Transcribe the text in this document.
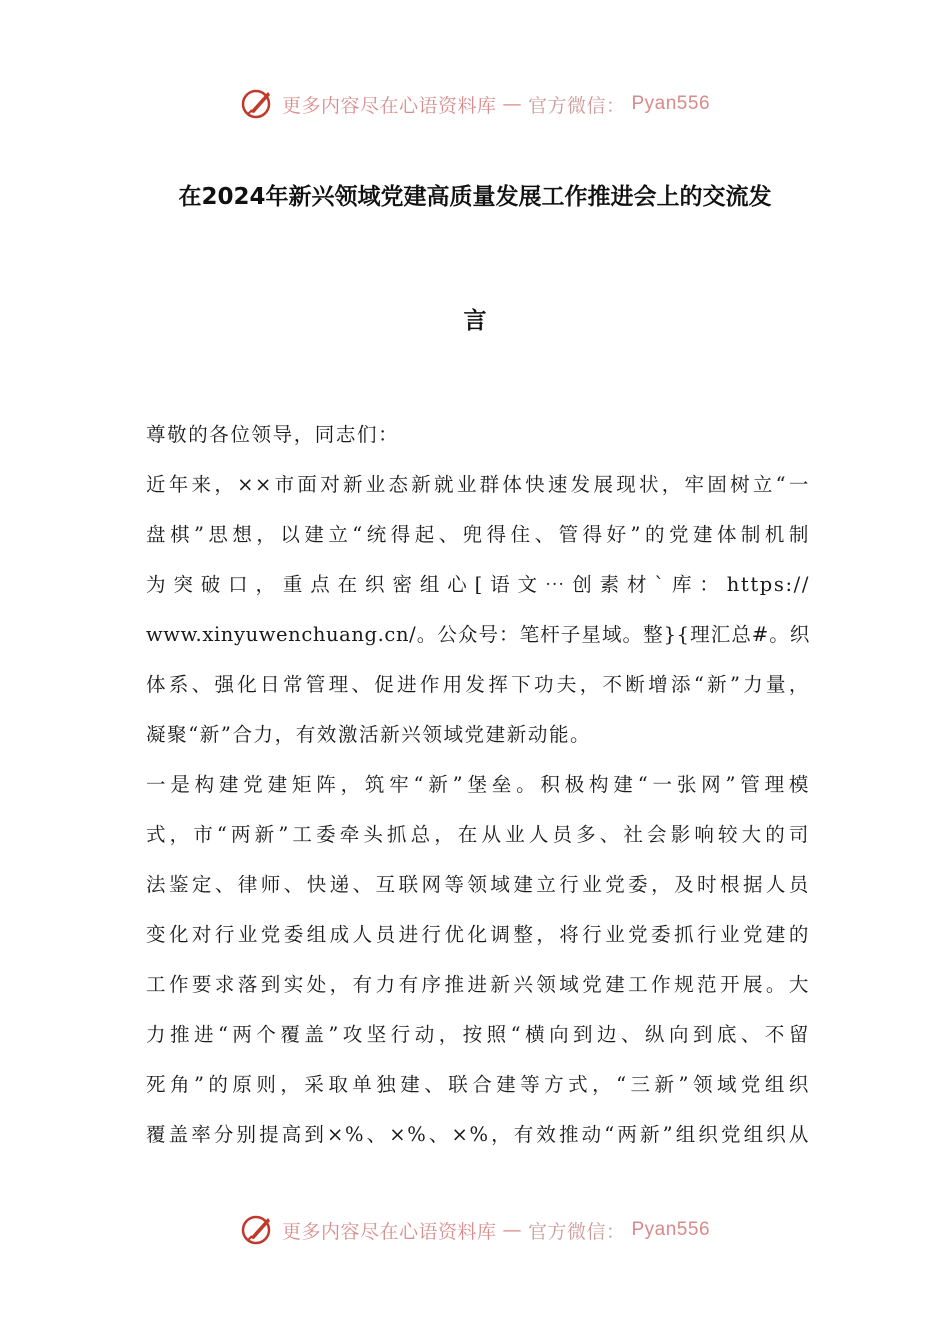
更多内容尽在心语资料库 — 官方微信： Pyan556
在2024年新兴领域党建高质量发展工作推进会上的交流发
言
尊敬的各位领导，同志们：
近年来，××市面对新业态新就业群体快速发展现状，牢固树立“一
盘棋”思想，以建立“统得起、兜得住、管得好”的党建体制机制
为突破口，重点在织密组心[语文⋯创素材`库：https://
www.xinyuwenchuang.cn/。公众号：笔杆子星域。整}{理汇总#。织
体系、强化日常管理、促进作用发挥下功夫，不断增添“新”力量，
凝聚“新”合力，有效激活新兴领域党建新动能。
一是构建党建矩阵，筑牢“新”堡垒。积极构建“一张网”管理模
式，市“两新”工委牵头抓总，在从业人员多、社会影响较大的司
法鉴定、律师、快递、互联网等领域建立行业党委，及时根据人员
变化对行业党委组成人员进行优化调整，将行业党委抓行业党建的
工作要求落到实处，有力有序推进新兴领域党建工作规范开展。大
力推进“两个覆盖”攻坚行动，按照“横向到边、纵向到底、不留
死角”的原则，采取单独建、联合建等方式，“三新”领域党组织
覆盖率分别提高到×%、×%、×%，有效推动“两新”组织党组织从
更多内容尽在心语资料库 — 官方微信： Pyan556
